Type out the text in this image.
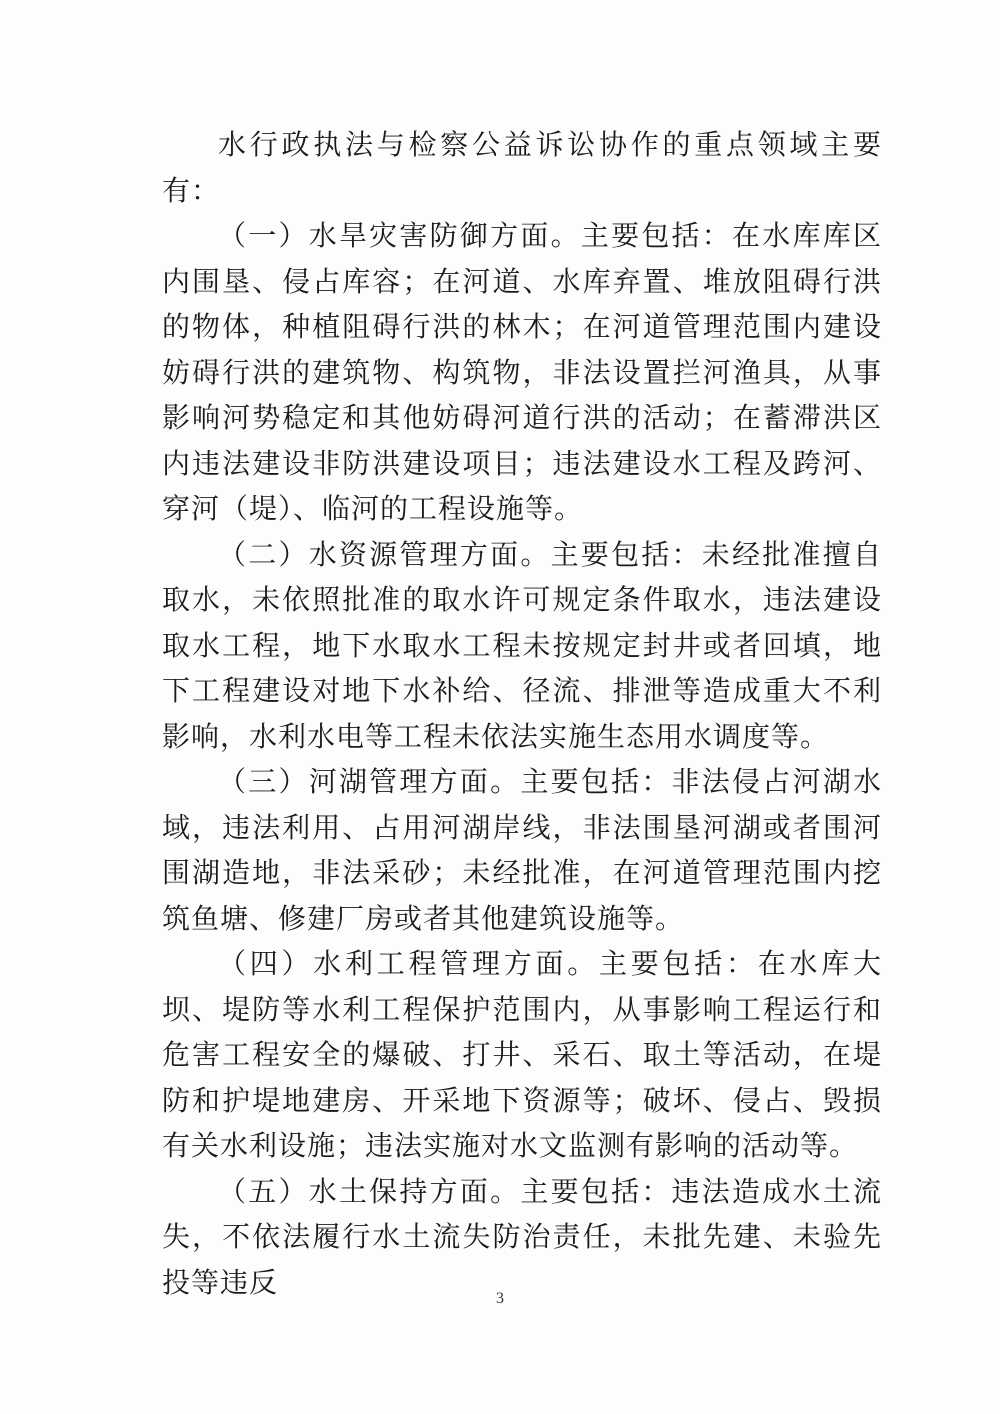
水行政执法与检察公益诉讼协作的重点领域主要有：

（一）水旱灾害防御方面。主要包括：在水库库区内围垦、侵占库容；在河道、水库弃置、堆放阻碍行洪的物体，种植阻碍行洪的林木；在河道管理范围内建设妨碍行洪的建筑物、构筑物，非法设置拦河渔具，从事影响河势稳定和其他妨碍河道行洪的活动；在蓄滞洪区内违法建设非防洪建设项目；违法建设水工程及跨河、穿河（堤）、临河的工程设施等。

（二）水资源管理方面。主要包括：未经批准擅自取水，未依照批准的取水许可规定条件取水，违法建设取水工程，地下水取水工程未按规定封井或者回填，地下工程建设对地下水补给、径流、排泄等造成重大不利影响，水利水电等工程未依法实施生态用水调度等。

（三）河湖管理方面。主要包括：非法侵占河湖水域，违法利用、占用河湖岸线，非法围垦河湖或者围河围湖造地，非法采砂；未经批准，在河道管理范围内挖筑鱼塘、修建厂房或者其他建筑设施等。

（四）水利工程管理方面。主要包括：在水库大坝、堤防等水利工程保护范围内，从事影响工程运行和危害工程安全的爆破、打井、采石、取土等活动，在堤防和护堤地建房、开采地下资源等；破坏、侵占、毁损有关水利设施；违法实施对水文监测有影响的活动等。

（五）水土保持方面。主要包括：违法造成水土流失，不依法履行水土流失防治责任，未批先建、未验先投等违反	3
